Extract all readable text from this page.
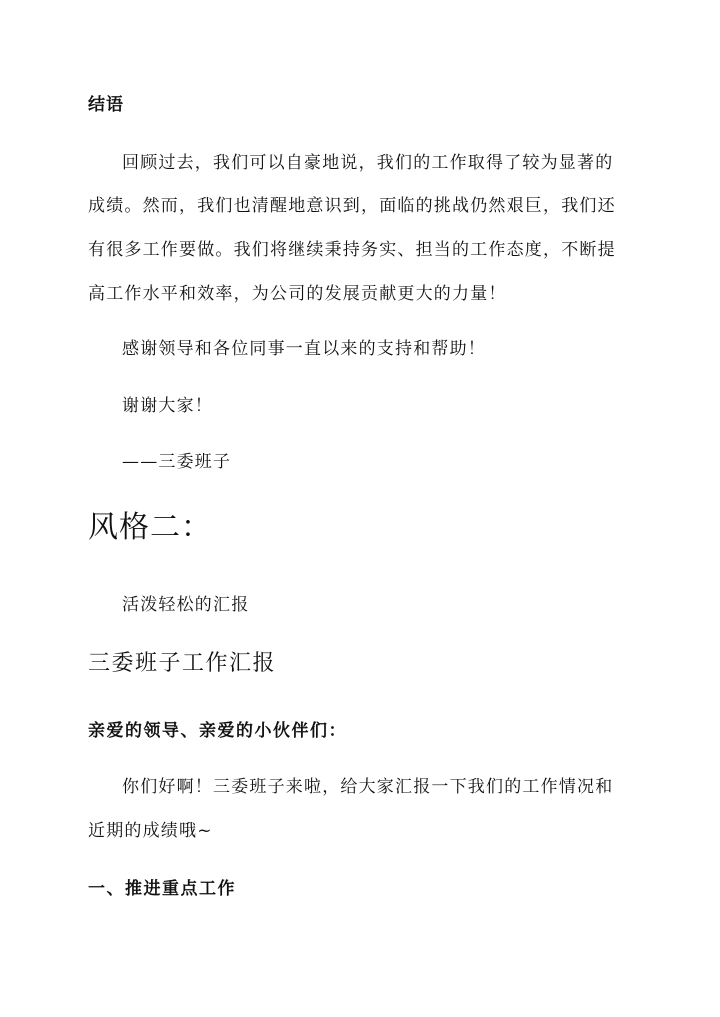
结语

回顾过去，我们可以自豪地说，我们的工作取得了较为显著的

成绩。然而，我们也清醒地意识到，面临的挑战仍然艰巨，我们还

有很多工作要做。我们将继续秉持务实、担当的工作态度，不断提

高工作水平和效率，为公司的发展贡献更大的力量！

感谢领导和各位同事一直以来的支持和帮助！

谢谢大家！

——三委班子

风格二：

活泼轻松的汇报

三委班子工作汇报

亲爱的领导、亲爱的小伙伴们：

你们好啊！三委班子来啦，给大家汇报一下我们的工作情况和

近期的成绩哦~

一、推进重点工作
